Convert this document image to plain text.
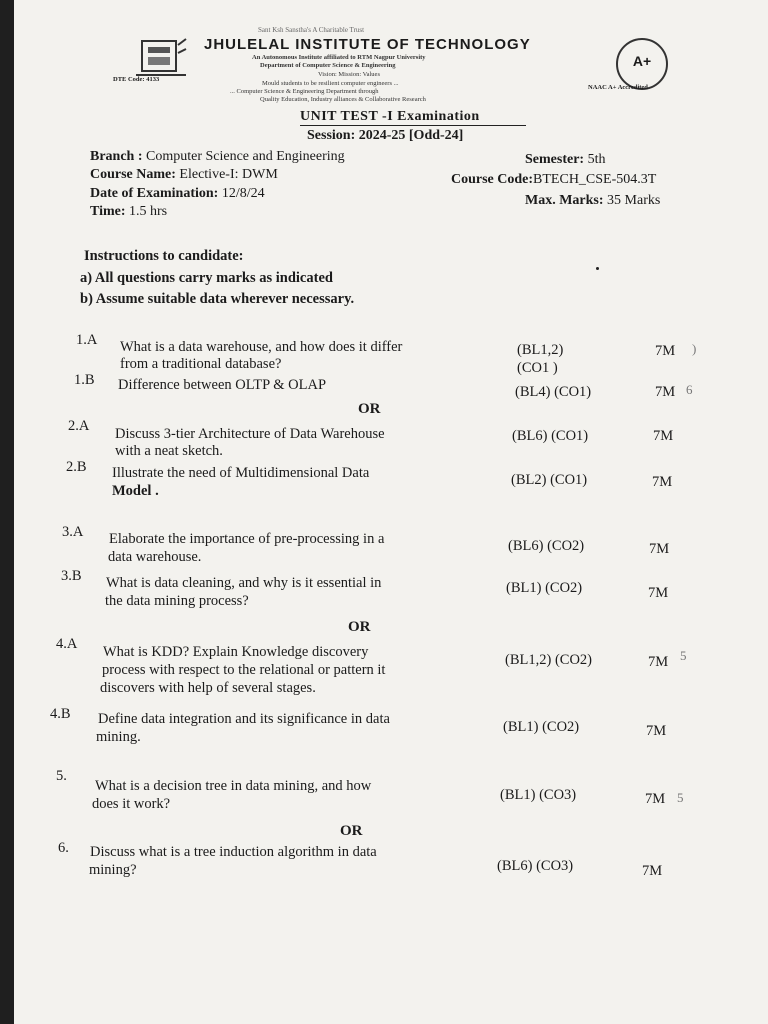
Sant Ksh Sanstha's A Charitable Trust
JHULELAL INSTITUTE OF TECHNOLOGY
An Autonomous Institute affiliated to RTM Nagpur University
Department of Computer Science & Engineering
Vision: Mission: Values
Mould students to be resilient computer engineers ...
... Computer Science & Engineering Department through
Quality Education, Industry alliances & Collaborative Research
DTE Code: 4133
A+
NAAC A+ Accredited
UNIT TEST -I Examination
Session: 2024-25 [Odd-24]
Branch : Computer Science and Engineering	Semester: 5th
Course Name: Elective-I: DWM	Course Code:BTECH_CSE-504.3T
Date of Examination: 12/8/24	Max. Marks: 35 Marks
Time: 1.5 hrs
Instructions to candidate:
a) All questions carry marks as indicated
b) Assume suitable data wherever necessary.
1.A What is a data warehouse, and how does it differ
from a traditional database?
(BL1,2)
(CO1 )
7M )
1.B Difference between OLTP & OLAP	(BL4) (CO1)	7M 6
OR
2.A Discuss 3-tier Architecture of Data Warehouse
with a neat sketch.
(BL6) (CO1)	7M
2.B Illustrate the need of Multidimensional Data
Model .
(BL2) (CO1)	7M
3.A Elaborate the importance of pre-processing in a
data warehouse.
(BL6) (CO2)	7M
3.B What is data cleaning, and why is it essential in
the data mining process?
(BL1) (CO2)	7M
OR
4.A What is KDD? Explain Knowledge discovery
process with respect to the relational or pattern it
discovers with help of several stages.
(BL1,2) (CO2)	7M 5
4.B Define data integration and its significance in data
mining.
(BL1) (CO2)	7M
5.
What is a decision tree in data mining, and how
does it work?
(BL1) (CO3)	7M 5
OR
6. Discuss what is a tree induction algorithm in data
mining?	(BL6) (CO3)	7M
